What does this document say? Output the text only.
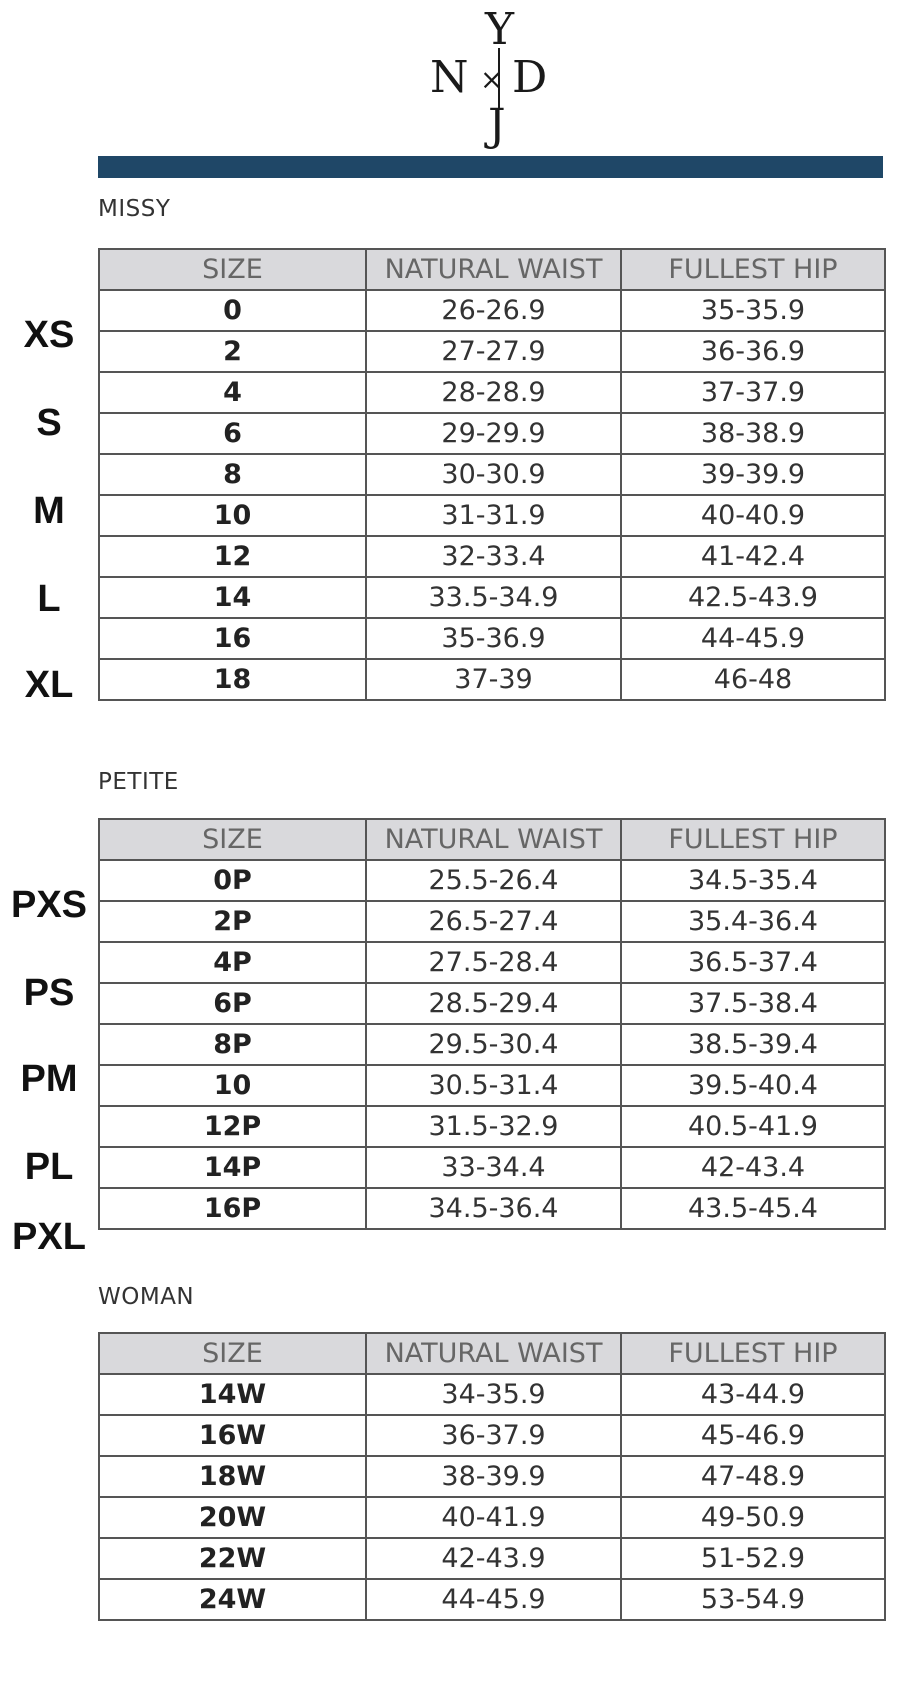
Y
N × D
J
MISSY
SIZE	NATURAL WAIST	FULLEST HIP
0	26-26.9	35-35.9
2	27-27.9	36-36.9
4	28-28.9	37-37.9
6	29-29.9	38-38.9
8	30-30.9	39-39.9
10	31-31.9	40-40.9
12	32-33.4	41-42.4
14	33.5-34.9	42.5-43.9
16	35-36.9	44-45.9
18	37-39	46-48
XS
S
M
L
XL
PETITE
SIZE	NATURAL WAIST	FULLEST HIP
0P	25.5-26.4	34.5-35.4
2P	26.5-27.4	35.4-36.4
4P	27.5-28.4	36.5-37.4
6P	28.5-29.4	37.5-38.4
8P	29.5-30.4	38.5-39.4
10	30.5-31.4	39.5-40.4
12P	31.5-32.9	40.5-41.9
14P	33-34.4	42-43.4
16P	34.5-36.4	43.5-45.4
PXS
PS
PM
PL
PXL
WOMAN
SIZE	NATURAL WAIST	FULLEST HIP
14W	34-35.9	43-44.9
16W	36-37.9	45-46.9
18W	38-39.9	47-48.9
20W	40-41.9	49-50.9
22W	42-43.9	51-52.9
24W	44-45.9	53-54.9
